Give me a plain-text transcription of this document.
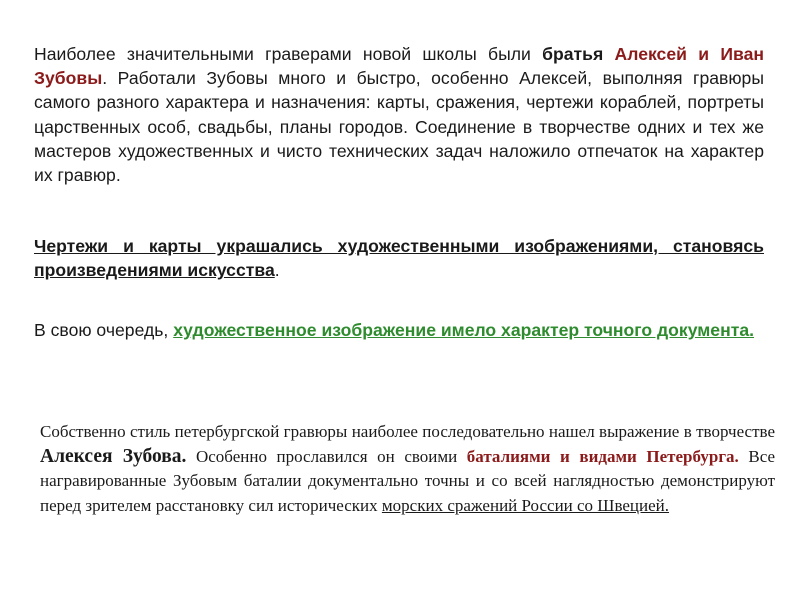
Наиболее значительными граверами новой школы были братья Алексей и Иван Зубовы. Работали Зубовы много и быстро, особенно Алексей, выполняя гравюры самого разного характера и назначения: карты, сражения, чертежи кораблей, портреты царственных особ, свадьбы, планы городов. Соединение в творчестве одних и тех же мастеров художественных и чисто технических задач наложило отпечаток на характер их гравюр.
Чертежи и карты украшались художественными изображениями, становясь произведениями искусства.
В свою очередь, художественное изображение имело характер точного документа.
Собственно стиль петербургской гравюры наиболее последовательно нашел выражение в творчестве Алексея Зубова. Особенно прославился он своими баталиями и видами Петербурга. Все награвированные Зубовым баталии документально точны и со всей наглядностью демонстрируют перед зрителем расстановку сил исторических морских сражений России со Швецией.
